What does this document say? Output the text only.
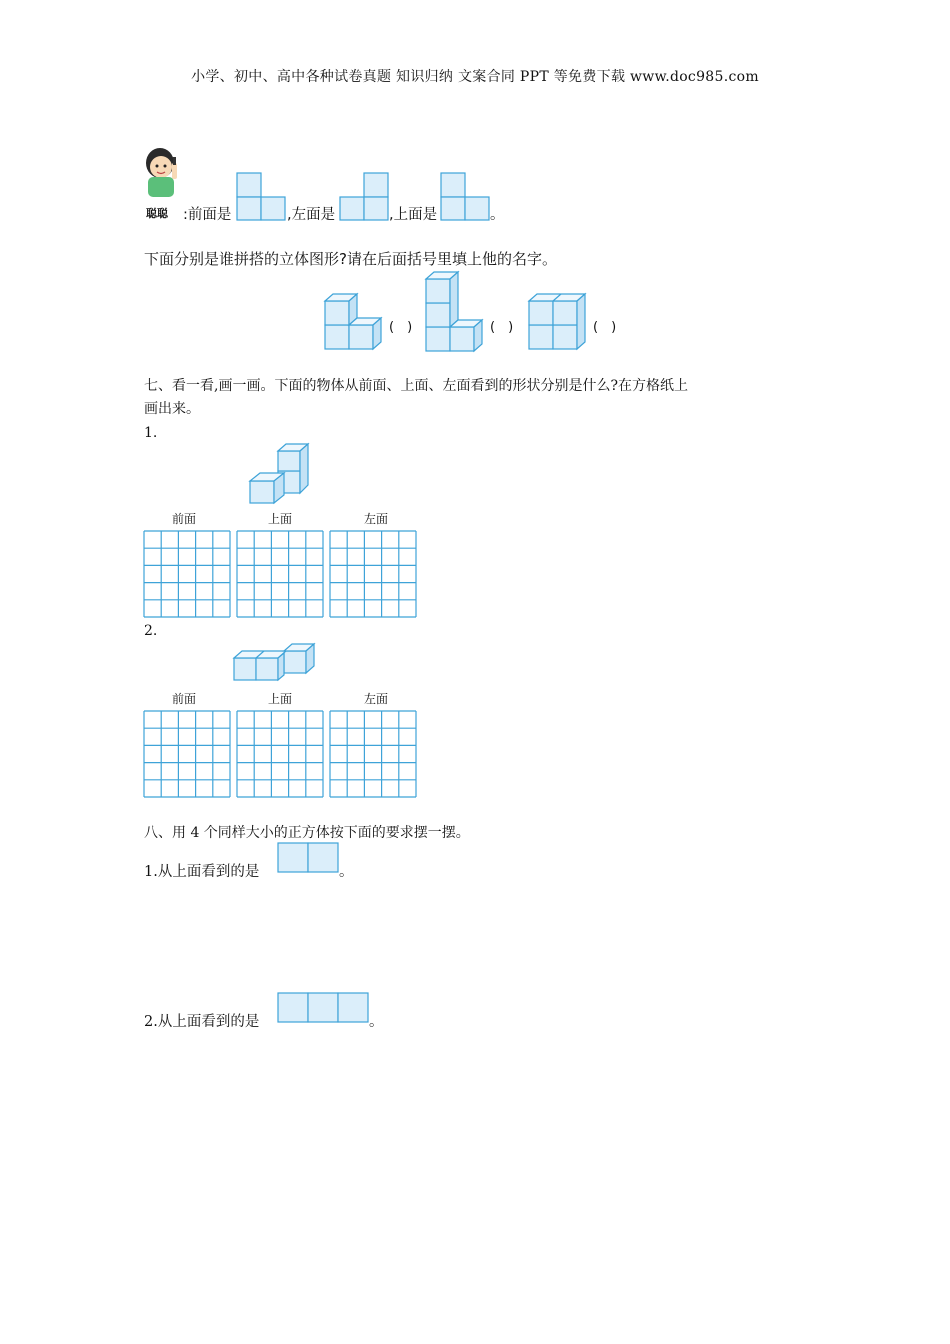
小学、初中、高中各种试卷真题 知识归纳 文案合同 PPT 等免费下载 www.doc985.com
聪聪 :前面是	,左面是	,上面是	。
下面分别是谁拼搭的立体图形?请在后面括号里填上他的名字。
(　)	(　)	(　)
七、看一看,画一画。下面的物体从前面、上面、左面看到的形状分别是什么?在方格纸上
画出来。
1.
前面	上面	左面
2.
前面	上面	左面
八、用 4 个同样大小的正方体按下面的要求摆一摆。
1.从上面看到的是	。
2.从上面看到的是	。
